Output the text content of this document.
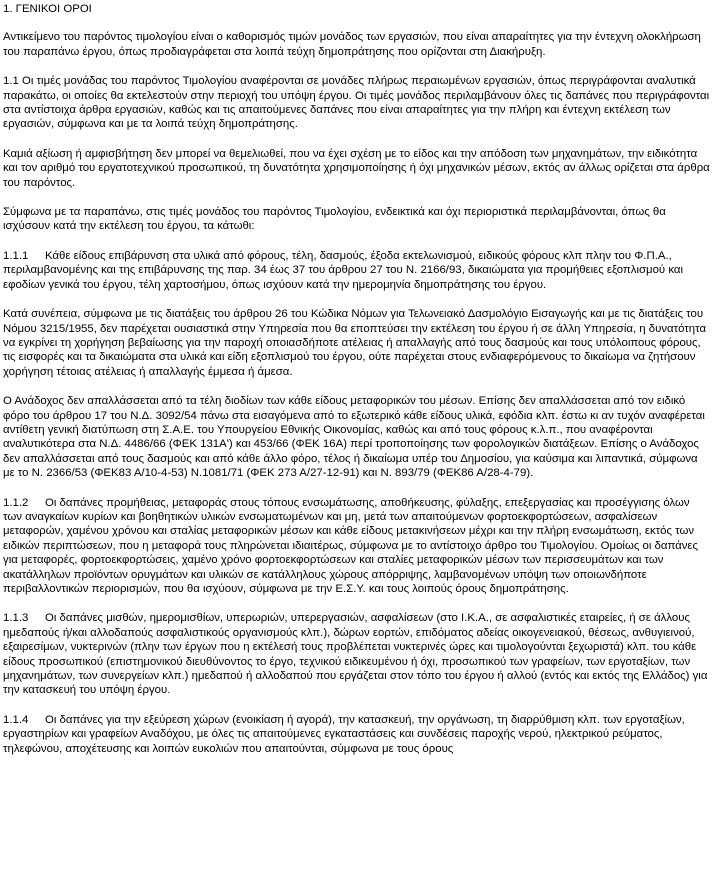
1. ΓΕΝΙΚΟΙ ΟΡΟΙ

Αντικείμενο του παρόντος τιμολογίου είναι ο καθορισμός τιμών μονάδος των εργασιών, που είναι απαραίτητες για την έντεχνη ολοκλήρωση του παραπάνω έργου, όπως προδιαγράφεται στα λοιπά τεύχη δημοπράτησης που ορίζονται στη Διακήρυξη.

1.1 Οι τιμές μονάδας του παρόντος Τιμολογίου αναφέρονται σε μονάδες πλήρως περαιωμένων εργασιών, όπως περιγράφονται αναλυτικά παρακάτω, οι οποίες θα εκτελεστούν στην περιοχή του υπόψη έργου. Οι τιμές μονάδος περιλαμβάνουν όλες τις δαπάνες που περιγράφονται στα αντίστοιχα άρθρα εργασιών, καθώς και τις απαιτούμενες δαπάνες που είναι απαραίτητες για την πλήρη και έντεχνη εκτέλεση των εργασιών, σύμφωνα και με τα λοιπά τεύχη δημοπράτησης.

Καμιά αξίωση ή αμφισβήτηση δεν μπορεί να θεμελιωθεί, που να έχει σχέση με το είδος και την απόδοση των μηχανημάτων, την ειδικότητα και τον αριθμό του εργατοτεχνικού προσωπικού, τη δυνατότητα χρησιμοποίησης ή όχι μηχανικών μέσων, εκτός αν άλλως ορίζεται στα άρθρα του παρόντος.

Σύμφωνα με τα παραπάνω, στις τιμές μονάδος του παρόντος Τιμολογίου, ενδεικτικά και όχι περιοριστικά περιλαμβάνονται, όπως θα ισχύσουν κατά την εκτέλεση του έργου, τα κάτωθι:

1.1.1 Κάθε είδους επιβάρυνση στα υλικά από φόρους, τέλη, δασμούς, έξοδα εκτελωνισμού, ειδικούς φόρους κλπ πλην του Φ.Π.Α., περιλαμβανομένης και της επιβάρυνσης της παρ. 34 έως 37 του άρθρου 27 του Ν. 2166/93, δικαιώματα για προμήθειες εξοπλισμού και εφοδίων γενικά του έργου, τέλη χαρτοσήμου, όπως ισχύουν κατά την ημερομηνία δημοπράτησης του έργου.

Κατά συνέπεια, σύμφωνα με τις διατάξεις του άρθρου 26 του Κώδικα Νόμων για Τελωνειακό Δασμολόγιο Εισαγωγής και με τις διατάξεις του Νόμου 3215/1955, δεν παρέχεται ουσιαστικά στην Υπηρεσία που θα εποπτεύσει την εκτέλεση του έργου ή σε άλλη Υπηρεσία, η δυνατότητα να εγκρίνει τη χορήγηση βεβαίωσης για την παροχή οποιασδήποτε ατέλειας ή απαλλαγής από τους δασμούς και τους υπόλοιπους φόρους, τις εισφορές και τα δικαιώματα στα υλικά και είδη εξοπλισμού του έργου, ούτε παρέχεται στους ενδιαφερόμενους το δικαίωμα να ζητήσουν χορήγηση τέτοιας ατέλειας ή απαλλαγής έμμεσα ή άμεσα.

Ο Ανάδοχος δεν απαλλάσσεται από τα τέλη διοδίων των κάθε είδους μεταφορικών του μέσων. Επίσης δεν απαλλάσσεται από τον ειδικό φόρο του άρθρου 17 του Ν.Δ. 3092/54 πάνω στα εισαγόμενα από το εξωτερικό κάθε είδους υλικά, εφόδια κλπ. έστω κι αν τυχόν αναφέρεται αντίθετη γενική διατύπωση στη Σ.Α.Ε. του Υπουργείου Εθνικής Οικονομίας, καθώς και από τους φόρους κ.λ.π., που αναφέρονται αναλυτικότερα στα Ν.Δ. 4486/66 (ΦΕΚ 131Α') και 453/66 (ΦΕΚ 16Α) περί τροποποίησης των φορολογικών διατάξεων. Επίσης ο Ανάδοχος δεν απαλλάσσεται από τους δασμούς και από κάθε άλλο φόρο, τέλος ή δικαίωμα υπέρ του Δημοσίου, για καύσιμα και λιπαντικά, σύμφωνα με το Ν. 2366/53 (ΦΕΚ83 Α/10-4-53) Ν.1081/71 (ΦΕΚ 273 Α/27-12-91) και Ν. 893/79 (ΦΕΚ86 Α/28-4-79).

1.1.2 Οι δαπάνες προμήθειας, μεταφοράς στους τόπους ενσωμάτωσης, αποθήκευσης, φύλαξης, επεξεργασίας και προσέγγισης όλων των αναγκαίων κυρίων και βοηθητικών υλικών ενσωματωμένων και μη, μετά των απαιτούμενων φορτοεκφορτώσεων, ασφαλίσεων μεταφορών, χαμένου χρόνου και σταλίας μεταφορικών μέσων και κάθε είδους μετακινήσεων μέχρι και την πλήρη ενσωμάτωση, εκτός των ειδικών περιπτώσεων, που η μεταφορά τους πληρώνεται ιδιαιτέρως, σύμφωνα με το αντίστοιχο άρθρο του Τιμολογίου. Ομοίως οι δαπάνες για μεταφορές, φορτοεκφορτώσεις, χαμένο χρόνο φορτοεκφορτώσεων και σταλίες μεταφορικών μέσων των περισσευμάτων και των ακατάλληλων προϊόντων ορυγμάτων και υλικών σε κατάλληλους χώρους απόρριψης, λαμβανομένων υπόψη των οποιωνδήποτε περιβαλλοντικών περιορισμών, που θα ισχύουν, σύμφωνα με την Ε.Σ.Υ. και τους λοιπούς όρους δημοπράτησης.

1.1.3 Οι δαπάνες μισθών, ημερομισθίων, υπερωριών, υπερεργασιών, ασφαλίσεων (στο Ι.Κ.Α., σε ασφαλιστικές εταιρείες, ή σε άλλους ημεδαπούς ή/και αλλοδαπούς ασφαλιστικούς οργανισμούς κλπ.), δώρων εορτών, επιδόματος αδείας οικογενειακού, θέσεως, ανθυγιεινού, εξαιρεσίμων, νυκτερινών (πλην των έργων που η εκτέλεσή τους προβλέπεται νυκτερινές ώρες και τιμολογούνται ξεχωριστά) κλπ. του κάθε είδους προσωπικού (επιστημονικού διευθύνοντος το έργο, τεχνικού ειδικευμένου ή όχι, προσωπικού των γραφείων, των εργοταξίων, των μηχανημάτων, των συνεργείων κλπ.) ημεδαπού ή αλλοδαπού που εργάζεται στον τόπο του έργου ή αλλού (εντός και εκτός της Ελλάδος) για την κατασκευή του υπόψη έργου.

1.1.4 Οι δαπάνες για την εξεύρεση χώρων (ενοικίαση ή αγορά), την κατασκευή, την οργάνωση, τη διαρρύθμιση κλπ. των εργοταξίων, εργαστηρίων και γραφείων Αναδόχου, με όλες τις απαιτούμενες εγκαταστάσεις και συνδέσεις παροχής νερού, ηλεκτρικού ρεύματος, τηλεφώνου, αποχέτευσης και λοιπών ευκολιών που απαιτούνται, σύμφωνα με τους όρους
